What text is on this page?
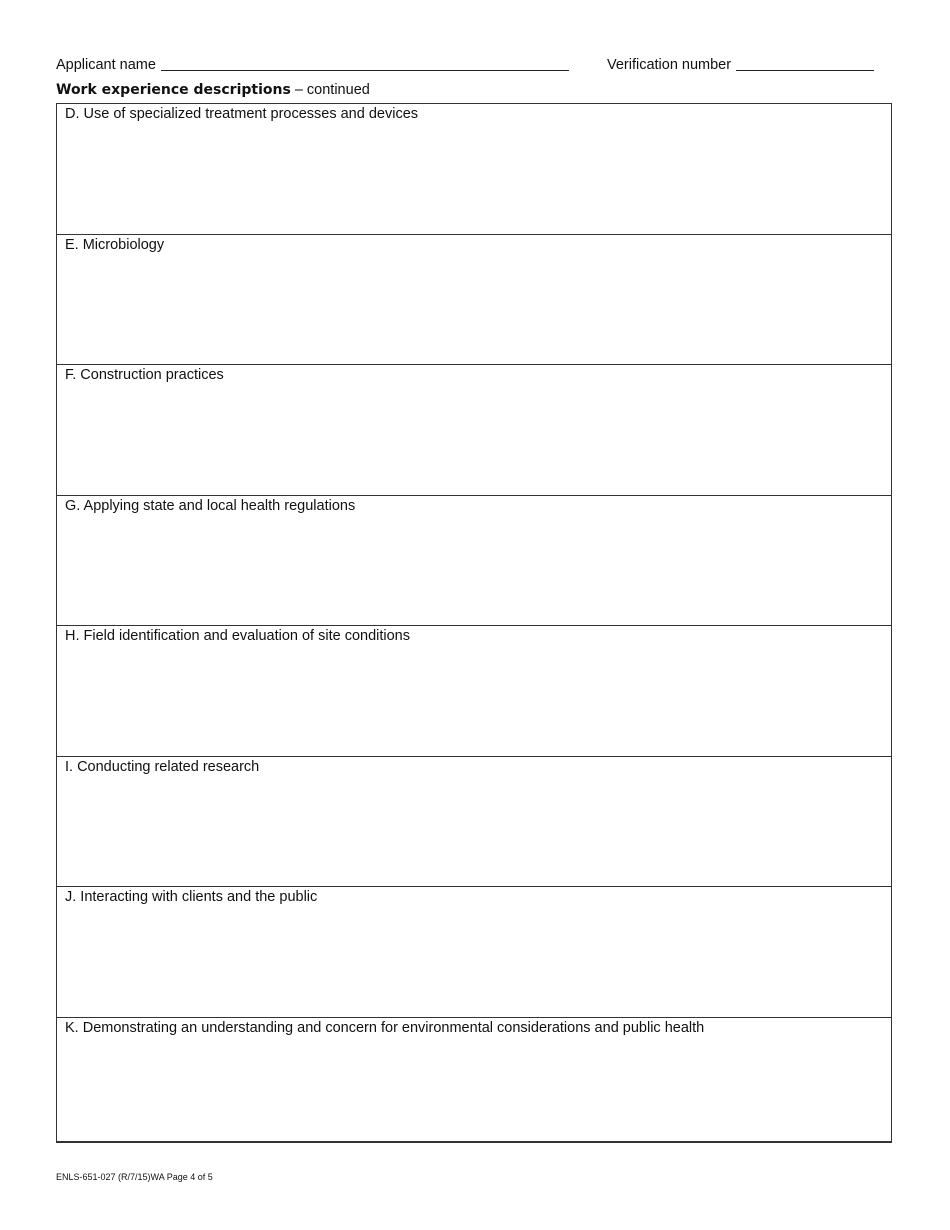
Applicant name	Verification number
Work experience descriptions – continued
D. Use of specialized treatment processes and devices
E. Microbiology
F. Construction practices
G. Applying state and local health regulations
H. Field identification and evaluation of site conditions
I. Conducting related research
J. Interacting with clients and the public
K. Demonstrating an understanding and concern for environmental considerations and public health
ENLS-651-027 (R/7/15)WA Page 4 of 5
